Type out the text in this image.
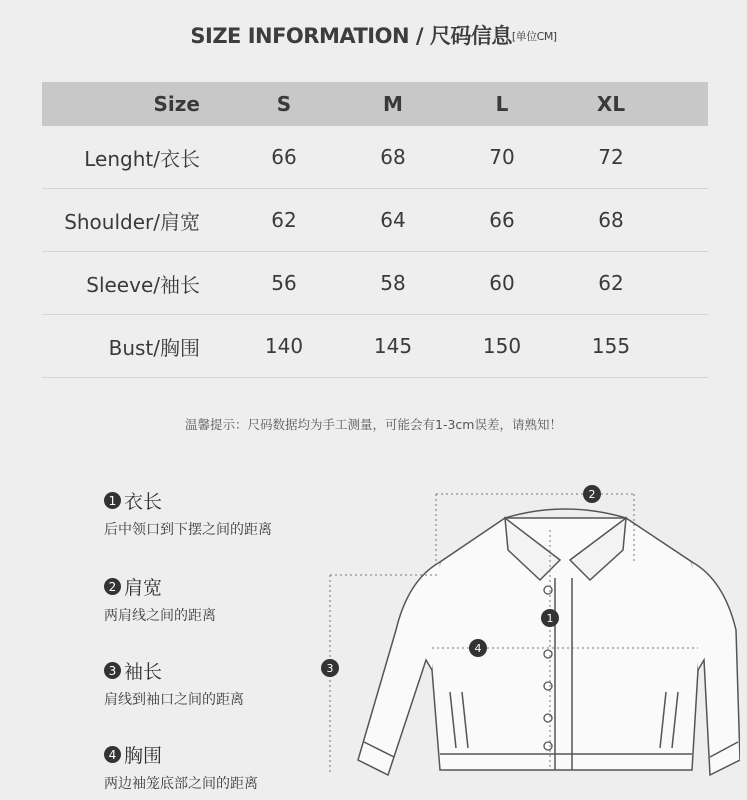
SIZE INFORMATION / 尺码信息[单位CM]
Size	S	M	L	XL
Lenght/衣长	66	68	70	72
Shoulder/肩宽	62	64	66	68
Sleeve/袖长	56	58	60	62
Bust/胸围	140	145	150	155
温馨提示：尺码数据均为手工测量，可能会有1-3cm误差，请熟知！
1 衣长
后中领口到下摆之间的距离
2 肩宽
两肩线之间的距离
3 袖长
肩线到袖口之间的距离
4 胸围
两边袖笼底部之间的距离
1
2
3
4
